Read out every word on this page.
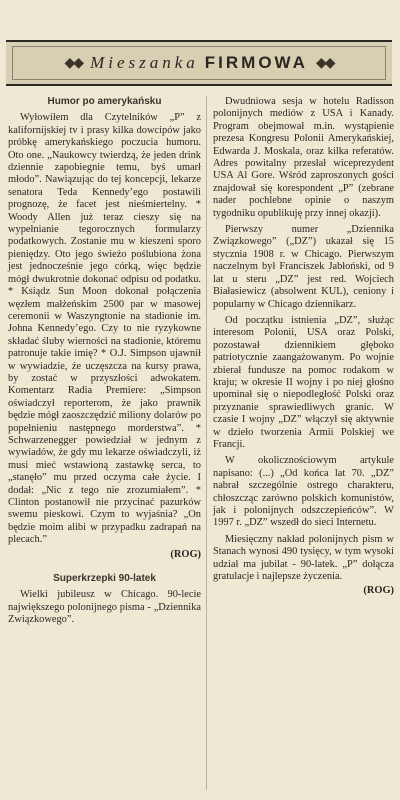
◆◆ Mieszanka FIRMOWA ◆◆
Humor po amerykańsku

Wyłowiłem dla Czytelników „P” z kalifornijskiej tv i prasy kilka dowcipów jako próbkę amerykańskiego poczucia humoru. Oto one. „Naukowcy twierdzą, że jeden drink dziennie zapobiegnie temu, byś umarł młodo”. Nawiązując do tej koncepcji, lekarze senatora Teda Kennedy’ego postawili prognozę, że facet jest nieśmiertelny. * Woody Allen już teraz cieszy się na wypełnianie tegorocznych formularzy podatkowych. Zostanie mu w kieszeni sporo pieniędzy. Oto jego świeżo poślubiona żona jest jednocześnie jego córką, więc będzie mógł dwukrotnie dokonać odpisu od podatku. * Ksiądz Sun Moon dokonał połączenia węzłem małżeńskim 2500 par w masowej ceremonii w Waszyngtonie na stadionie im. Johna Kennedy’ego. Czy to nie ryzykowne składać śluby wierności na stadionie, któremu patronuje takie imię? * O.J. Simpson ujawnił w wywiadzie, że uczęszcza na kursy prawa, by zostać w przyszłości adwokatem. Komentarz Radia Premiere: „Simpson oświadczył reporterom, że jako prawnik będzie mógł zaoszczędzić miliony dolarów po popełnieniu następnego morderstwa”. * Schwarzenegger powiedział w jednym z wywiadów, że gdy mu lekarze oświadczyli, iż musi mieć wstawioną zastawkę serca, to „stanęło” mu przed oczyma całe życie. I dodał: „Nic z tego nie zrozumiałem”. * Clinton postanowił nie przycinać pazurków swemu pieskowi. Czym to wyjaśnia? „On będzie moim alibi w przypadku zadrapań na plecach.”

(ROG)

Superkrzepki 90-latek

Wielki jubileusz w Chicago. 90-lecie największego polonijnego pisma - „Dziennika Związkowego”.

Dwudniowa sesja w hotelu Radisson polonijnych mediów z USA i Kanady. Program obejmował m.in. wystąpienie prezesa Kongresu Polonii Amerykańskiej, Edwarda J. Moskala, oraz kilka referatów. Adres powitalny przesłał wiceprezydent USA Al Gore. Wśród zaproszonych gości znajdował się korespondent „P” (zebrane nader pochlebne opinie o naszym tygodniku opublikuję przy innej okazji).

Pierwszy numer „Dziennika Związkowego” („DZ”) ukazał się 15 stycznia 1908 r. w Chicago. Pierwszym naczelnym był Franciszek Jabłoński, od 9 lat u steru „DZ” jest red. Wojciech Białasiewicz (absolwent KUL), ceniony i popularny w Chicago dziennikarz.

Od początku istnienia „DZ”, służąc interesom Polonii, USA oraz Polski, pozostawał dziennikiem głęboko patriotycznie zaangażowanym. Po wojnie zbierał fundusze na pomoc rodakom w kraju; w okresie II wojny i po niej głośno upominał się o niepodległość Polski oraz przyznanie sprawiedliwych granic. W czasie I wojny „DZ” włączył się aktywnie w dzieło tworzenia Armii Polskiej we Francji.

W okolicznościowym artykule napisano: (...) „Od końca lat 70. „DZ” nabrał szczególnie ostrego charakteru, chłoszcząc zarówno polskich komunistów, jak i polonijnych odszczepieńców”. W 1997 r. „DZ” wszedł do sieci Internetu.

Miesięczny nakład polonijnych pism w Stanach wynosi 490 tysięcy, w tym wysoki udział ma jubilat - 90-latek. „P” dołącza gratulacje i najlepsze życzenia.

(ROG)
